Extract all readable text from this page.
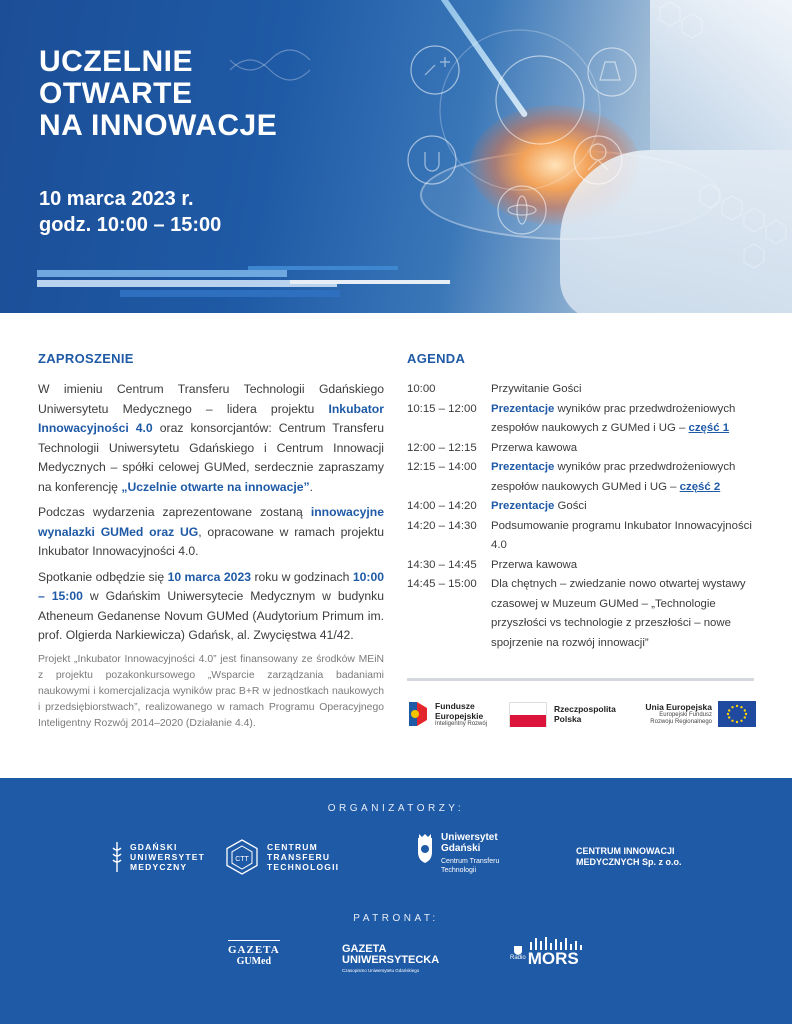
UCZELNIE
OTWARTE
NA INNOWACJE
10 marca 2023 r.
godz. 10:00 – 15:00
ZAPROSZENIE

W imieniu Centrum Transferu Technologii Gdańskiego Uniwersytetu Medycznego – lidera projektu Inkubator Innowacyjności 4.0 oraz konsorcjantów: Centrum Transferu Technologii Uniwersytetu Gdańskiego i Centrum Innowacji Medycznych – spółki celowej GUMed, serdecznie zapraszamy na konferencję „Uczelnie otwarte na innowacje”.

Podczas wydarzenia zaprezentowane zostaną innowacyjne wynalazki GUMed oraz UG, opracowane w ramach projektu Inkubator Innowacyjności 4.0.

Spotkanie odbędzie się 10 marca 2023 roku w godzinach 10:00 – 15:00 w Gdańskim Uniwersytecie Medycznym w budynku Atheneum Gedanense Novum GUMed (Audytorium Primum im. prof. Olgierda Narkiewicza) Gdańsk, al. Zwycięstwa 41/42.

Projekt „Inkubator Innowacyjności 4.0” jest finansowany ze środków MEiN z projektu pozakonkursowego „Wsparcie zarządzania badaniami naukowymi i komercjalizacja wyników prac B+R w jednostkach naukowych i przedsiębiorstwach”, realizowanego w ramach Programu Operacyjnego Inteligentny Rozwój 2014–2020 (Działanie 4.4).

AGENDA
10:00	Przywitanie Gości
10:15 – 12:00	Prezentacje wyników prac przedwdrożeniowych zespołów naukowych z GUMed i UG – część 1
12:00 – 12:15	Przerwa kawowa
12:15 – 14:00	Prezentacje wyników prac przedwdrożeniowych zespołów naukowych GUMed i UG – część 2
14:00 – 14:20	Prezentacje Gości
14:20 – 14:30	Podsumowanie programu Inkubator Innowacyjności 4.0
14:30 – 14:45	Przerwa kawowa
14:45 – 15:00	Dla chętnych – zwiedzanie nowo otwartej wystawy czasowej w Muzeum GUMed – „Technologie przyszłości vs technologie z przeszłości – nowe spojrzenie na rozwój innowacji”
Fundusze Europejskie
Inteligentny Rozwój
Rzeczpospolita Polska
Unia Europejska
Europejski Fundusz Rozwoju Regionalnego
ORGANIZATORZY:
GDAŃSKI
UNIWERSYTET
MEDYCZNY
CTT
CENTRUM
TRANSFERU
TECHNOLOGII
Uniwersytet
Gdański
Centrum Transferu
Technologii
CENTRUM INNOWACJI
MEDYCZNYCH Sp. z o.o.
PATRONAT:
GAZETA
GUMed
GAZETA UNIWERSYTECKA
Czasopismo Uniwersytetu Gdańskiego
Radio MORS
